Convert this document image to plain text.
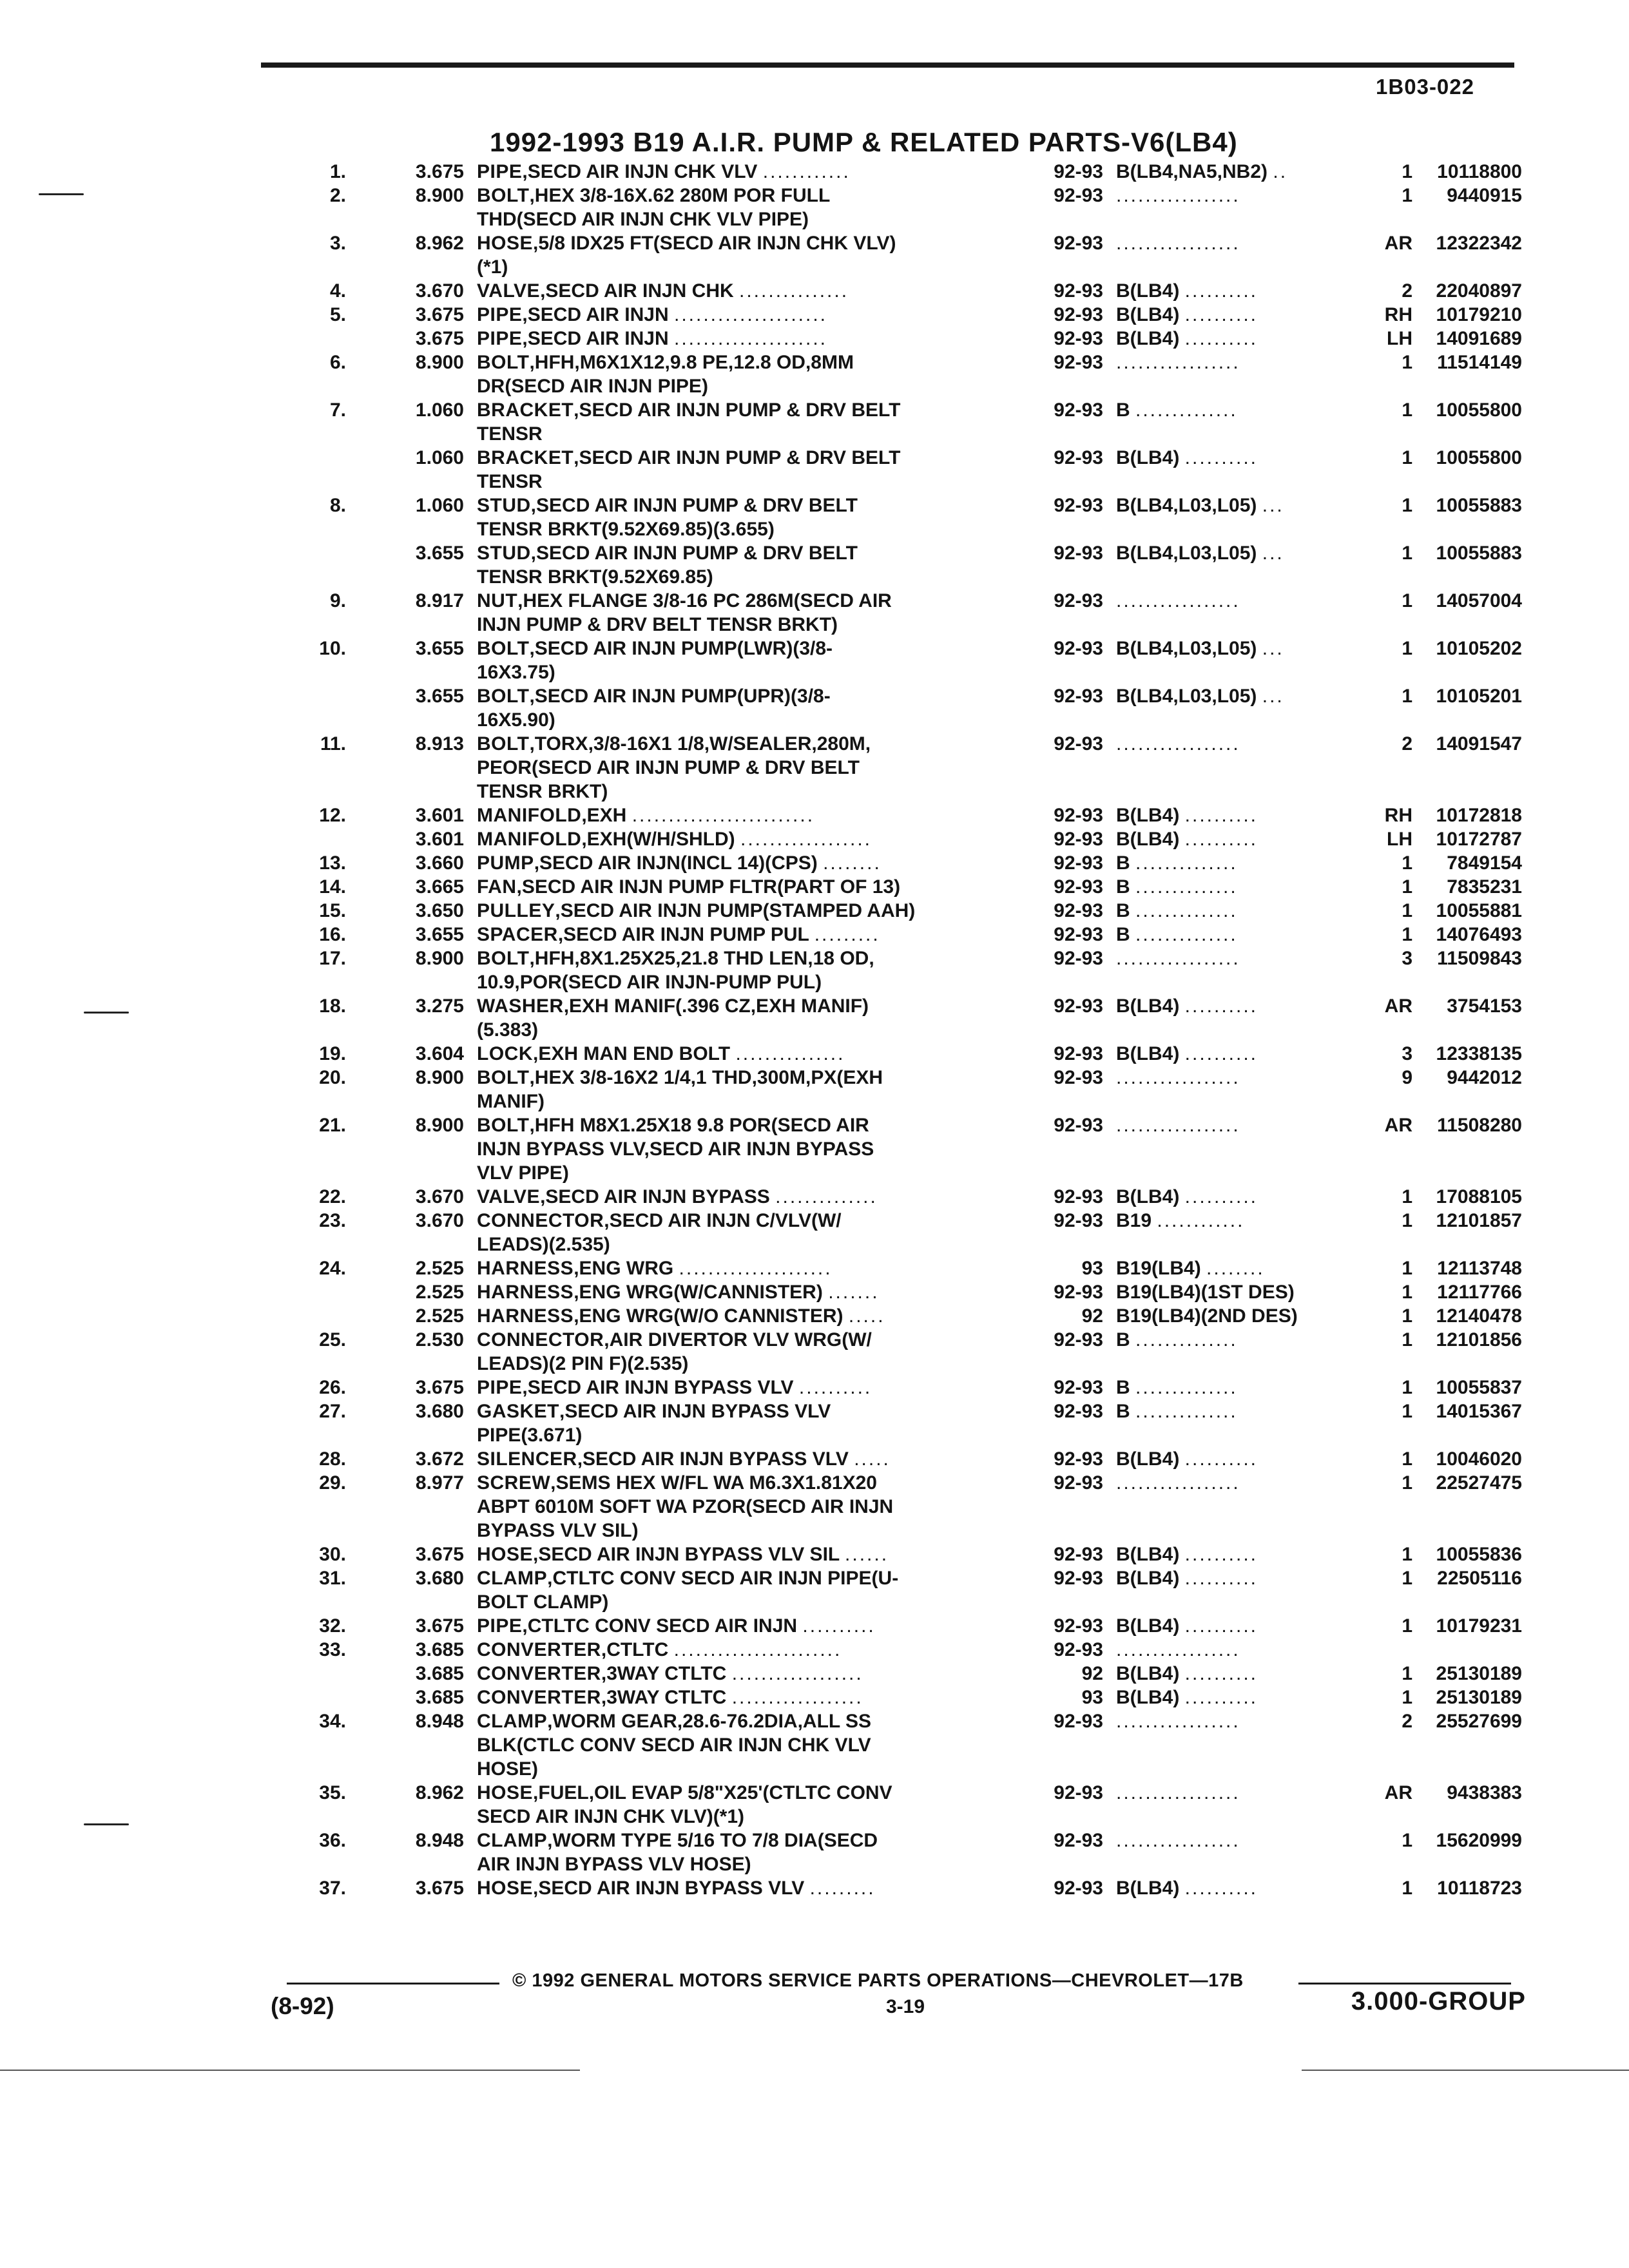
1B03-022
1992-1993 B19 A.I.R. PUMP & RELATED PARTS-V6(LB4)
1.	3.675 PIPE,SECD AIR INJN CHK VLV ............	92-93 B(LB4,NA5,NB2) ..	1	10118800
2.	8.900 BOLT,HEX 3/8-16X.62 280M POR FULL
THD(SECD AIR INJN CHK VLV PIPE)
92-93 .................	1	9440915
3.	8.962 HOSE,5/8 IDX25 FT(SECD AIR INJN CHK VLV)
(*1)
92-93 .................	AR	12322342
4.	3.670 VALVE,SECD AIR INJN CHK ...............	92-93 B(LB4) ..........	2	22040897
5.	3.675 PIPE,SECD AIR INJN .....................	92-93 B(LB4) ..........	RH	10179210
3.675 PIPE,SECD AIR INJN .....................	92-93 B(LB4) ..........	LH	14091689
6.	8.900 BOLT,HFH,M6X1X12,9.8 PE,12.8 OD,8MM
DR(SECD AIR INJN PIPE)
92-93 .................	1	11514149
7.	1.060 BRACKET,SECD AIR INJN PUMP & DRV BELT
TENSR
92-93 B ..............	1	10055800
1.060 BRACKET,SECD AIR INJN PUMP & DRV BELT
TENSR
92-93 B(LB4) ..........	1	10055800
8.	1.060 STUD,SECD AIR INJN PUMP & DRV BELT
TENSR BRKT(9.52X69.85)(3.655)
92-93 B(LB4,L03,L05) ...	1	10055883
3.655 STUD,SECD AIR INJN PUMP & DRV BELT
TENSR BRKT(9.52X69.85)
92-93 B(LB4,L03,L05) ...	1	10055883
9.	8.917 NUT,HEX FLANGE 3/8-16 PC 286M(SECD AIR
INJN PUMP & DRV BELT TENSR BRKT)
92-93 .................	1	14057004
10.	3.655 BOLT,SECD AIR INJN PUMP(LWR)(3/8-
16X3.75)
92-93 B(LB4,L03,L05) ...	1	10105202
3.655 BOLT,SECD AIR INJN PUMP(UPR)(3/8-
16X5.90)
92-93 B(LB4,L03,L05) ...	1	10105201
11.	8.913 BOLT,TORX,3/8-16X1 1/8,W/SEALER,280M,
PEOR(SECD AIR INJN PUMP & DRV BELT
TENSR BRKT)
92-93 .................	2	14091547
12.	3.601 MANIFOLD,EXH .........................	92-93 B(LB4) ..........	RH	10172818
3.601 MANIFOLD,EXH(W/H/SHLD) ..................	92-93 B(LB4) ..........	LH	10172787
13.	3.660 PUMP,SECD AIR INJN(INCL 14)(CPS) ........	92-93 B ..............	1	7849154
14.	3.665 FAN,SECD AIR INJN PUMP FLTR(PART OF 13)	92-93 B ..............	1	7835231
15.	3.650 PULLEY,SECD AIR INJN PUMP(STAMPED AAH)	92-93 B ..............	1	10055881
16.	3.655 SPACER,SECD AIR INJN PUMP PUL .........	92-93 B ..............	1	14076493
17.	8.900 BOLT,HFH,8X1.25X25,21.8 THD LEN,18 OD,
10.9,POR(SECD AIR INJN-PUMP PUL)
92-93 .................	3	11509843
18.	3.275 WASHER,EXH MANIF(.396 CZ,EXH MANIF)
(5.383)
92-93 B(LB4) ..........	AR	3754153
19.	3.604 LOCK,EXH MAN END BOLT ...............	92-93 B(LB4) ..........	3	12338135
20.	8.900 BOLT,HEX 3/8-16X2 1/4,1 THD,300M,PX(EXH
MANIF)
92-93 .................	9	9442012
21.	8.900 BOLT,HFH M8X1.25X18 9.8 POR(SECD AIR
INJN BYPASS VLV,SECD AIR INJN BYPASS
VLV PIPE)
92-93 .................	AR	11508280
22.	3.670 VALVE,SECD AIR INJN BYPASS ..............	92-93 B(LB4) ..........	1	17088105
23.	3.670 CONNECTOR,SECD AIR INJN C/VLV(W/
LEADS)(2.535)
92-93 B19 ............	1	12101857
24.	2.525 HARNESS,ENG WRG .....................	93 B19(LB4) ........	1	12113748
2.525 HARNESS,ENG WRG(W/CANNISTER) .......	92-93 B19(LB4)(1ST DES)	1	12117766
2.525 HARNESS,ENG WRG(W/O CANNISTER) .....	92 B19(LB4)(2ND DES)	1	12140478
25.	2.530 CONNECTOR,AIR DIVERTOR VLV WRG(W/
LEADS)(2 PIN F)(2.535)
92-93 B ..............	1	12101856
26.	3.675 PIPE,SECD AIR INJN BYPASS VLV ..........	92-93 B ..............	1	10055837
27.	3.680 GASKET,SECD AIR INJN BYPASS VLV
PIPE(3.671)
92-93 B ..............	1	14015367
28.	3.672 SILENCER,SECD AIR INJN BYPASS VLV .....	92-93 B(LB4) ..........	1	10046020
29.	8.977 SCREW,SEMS HEX W/FL WA M6.3X1.81X20
ABPT 6010M SOFT WA PZOR(SECD AIR INJN
BYPASS VLV SIL)
92-93 .................	1	22527475
30.	3.675 HOSE,SECD AIR INJN BYPASS VLV SIL ......	92-93 B(LB4) ..........	1	10055836
31.	3.680 CLAMP,CTLTC CONV SECD AIR INJN PIPE(U-
BOLT CLAMP)
92-93 B(LB4) ..........	1	22505116
32.	3.675 PIPE,CTLTC CONV SECD AIR INJN ..........	92-93 B(LB4) ..........	1	10179231
33.	3.685 CONVERTER,CTLTC .......................	92-93 .................
3.685 CONVERTER,3WAY CTLTC ..................	92 B(LB4) ..........	1	25130189
3.685 CONVERTER,3WAY CTLTC ..................	93 B(LB4) ..........	1	25130189
34.	8.948 CLAMP,WORM GEAR,28.6-76.2DIA,ALL SS
BLK(CTLC CONV SECD AIR INJN CHK VLV
HOSE)
92-93 .................	2	25527699
35.	8.962 HOSE,FUEL,OIL EVAP 5/8"X25'(CTLTC CONV
SECD AIR INJN CHK VLV)(*1)
92-93 .................	AR	9438383
36.	8.948 CLAMP,WORM TYPE 5/16 TO 7/8 DIA(SECD
AIR INJN BYPASS VLV HOSE)
92-93 .................	1	15620999
37.	3.675 HOSE,SECD AIR INJN BYPASS VLV .........	92-93 B(LB4) ..........	1	10118723
© 1992 GENERAL MOTORS SERVICE PARTS OPERATIONS—CHEVROLET—17B
(8-92)	3-19	3.000-GROUP
